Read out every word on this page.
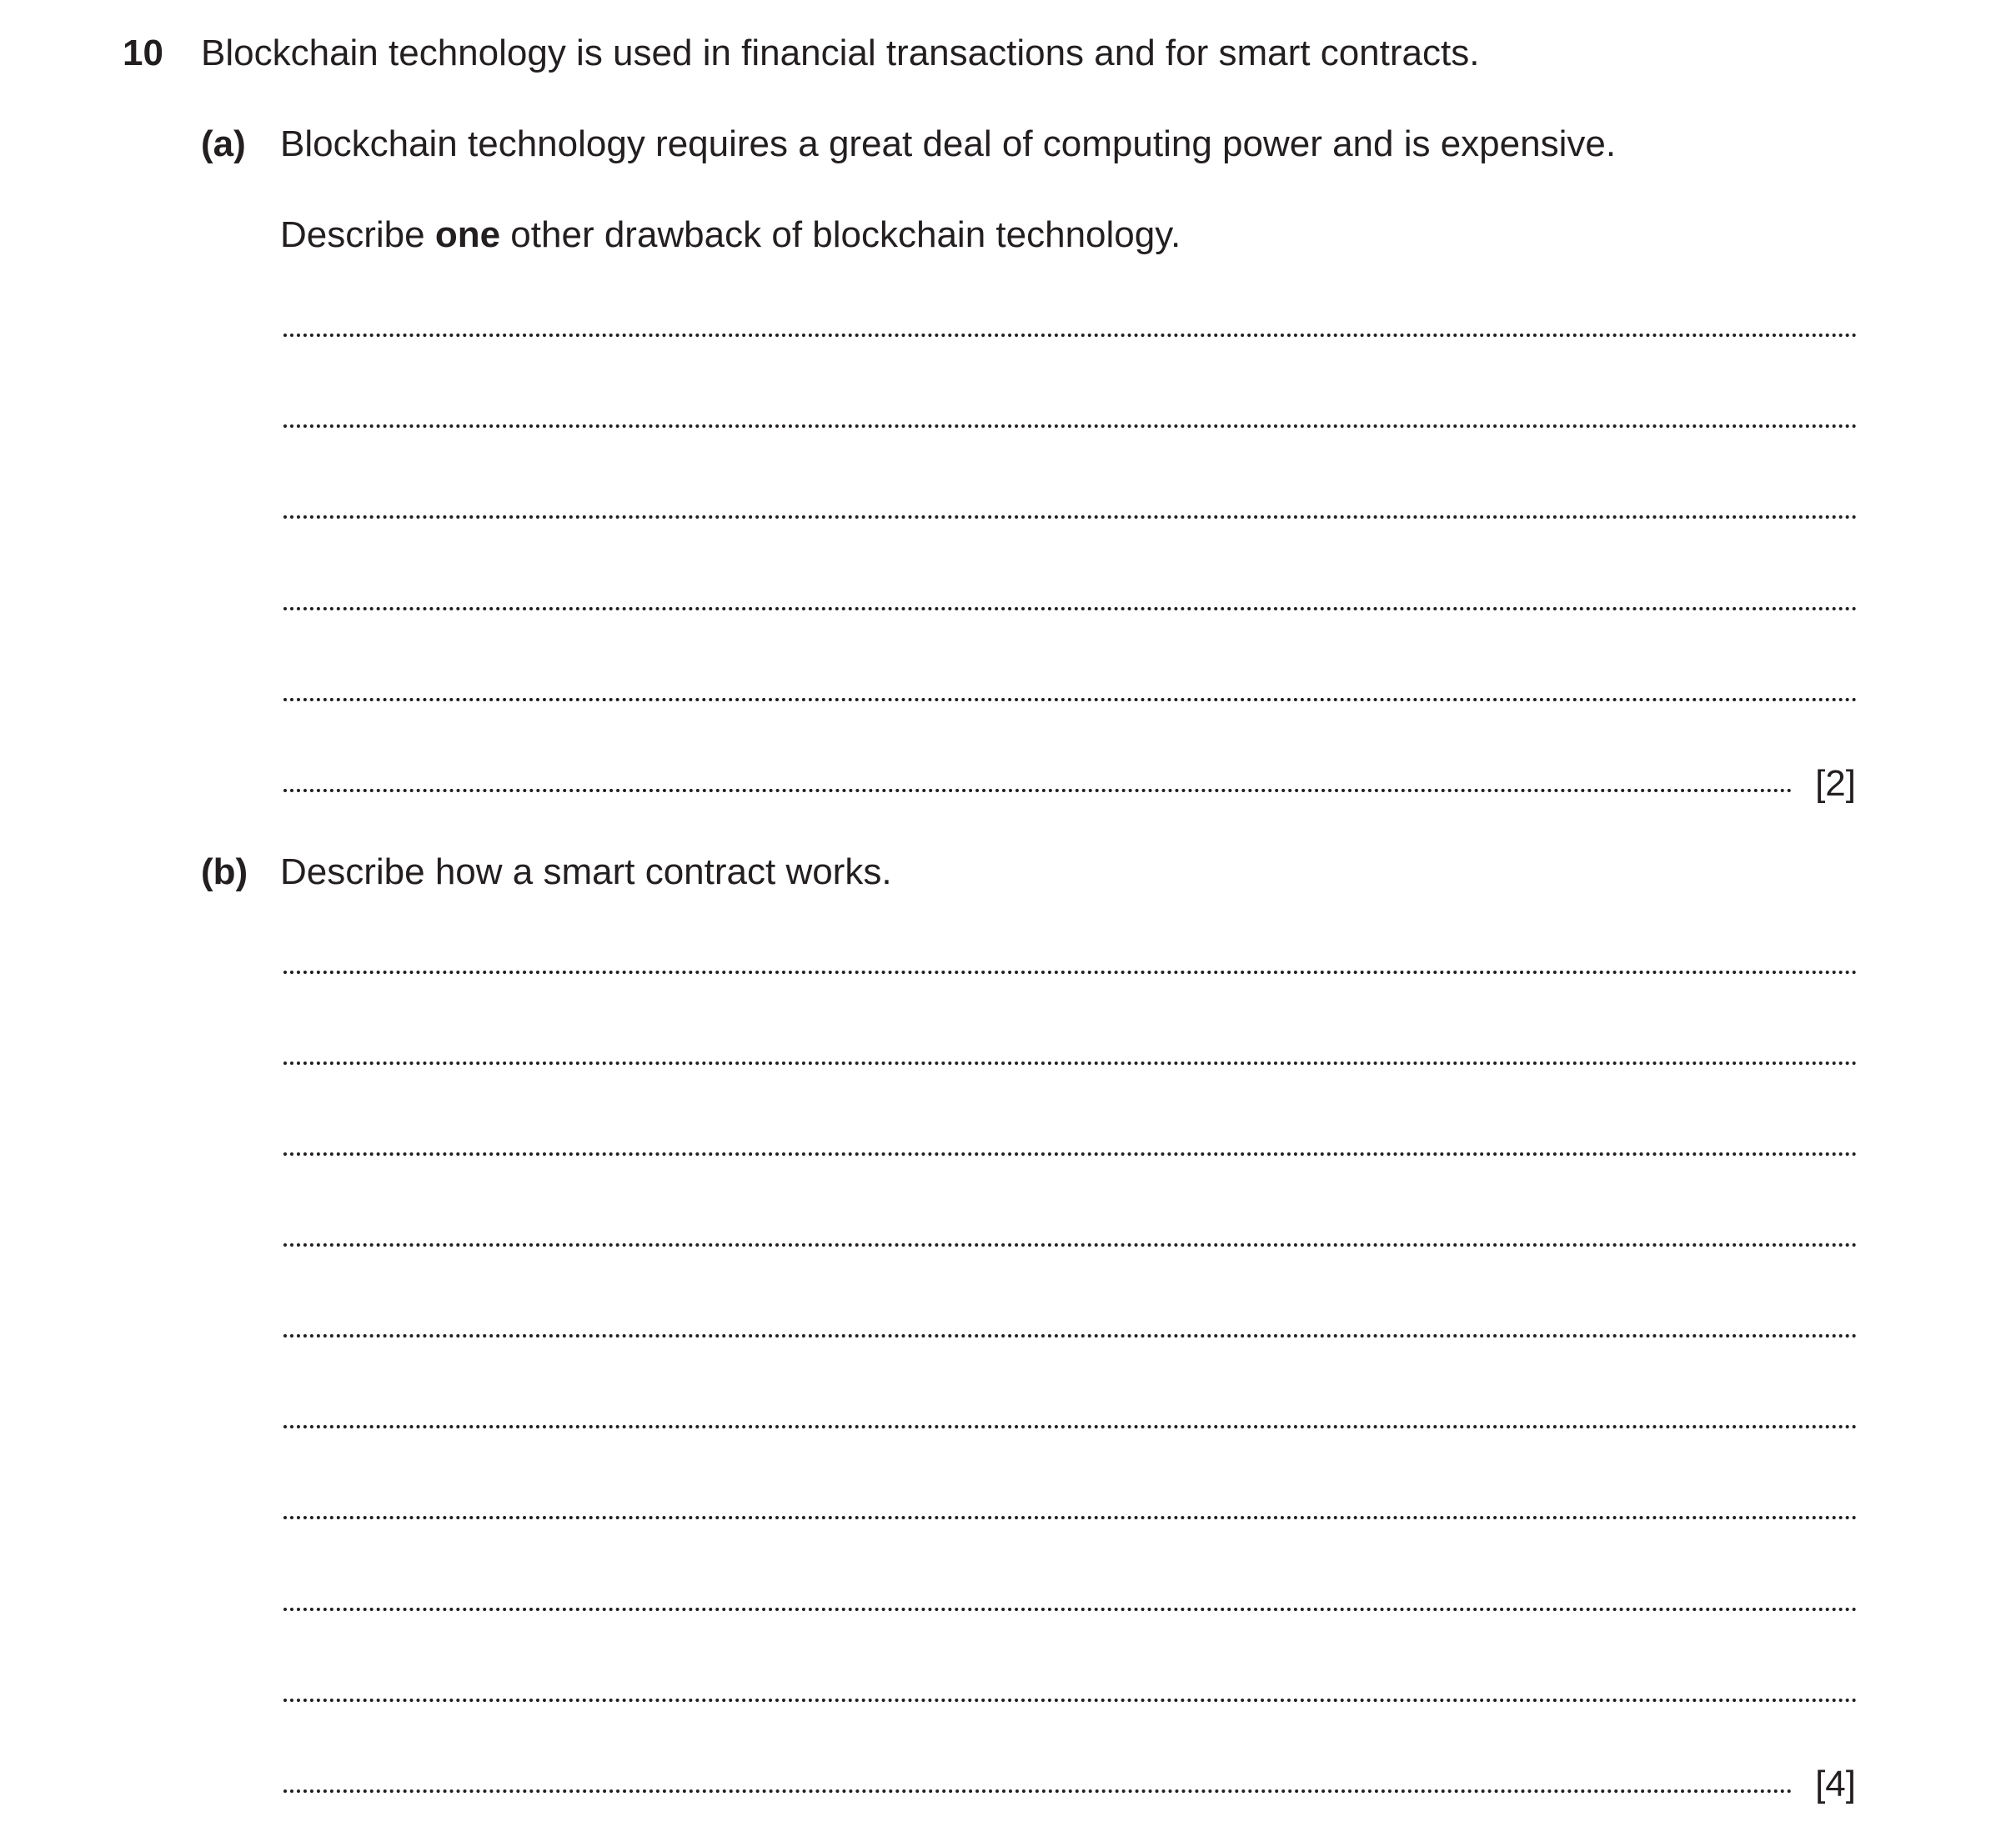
10 Blockchain technology is used in financial transactions and for smart contracts.
(a) Blockchain technology requires a great deal of computing power and is expensive.
Describe one other drawback of blockchain technology.
[2]
(b) Describe how a smart contract works.
[4]
